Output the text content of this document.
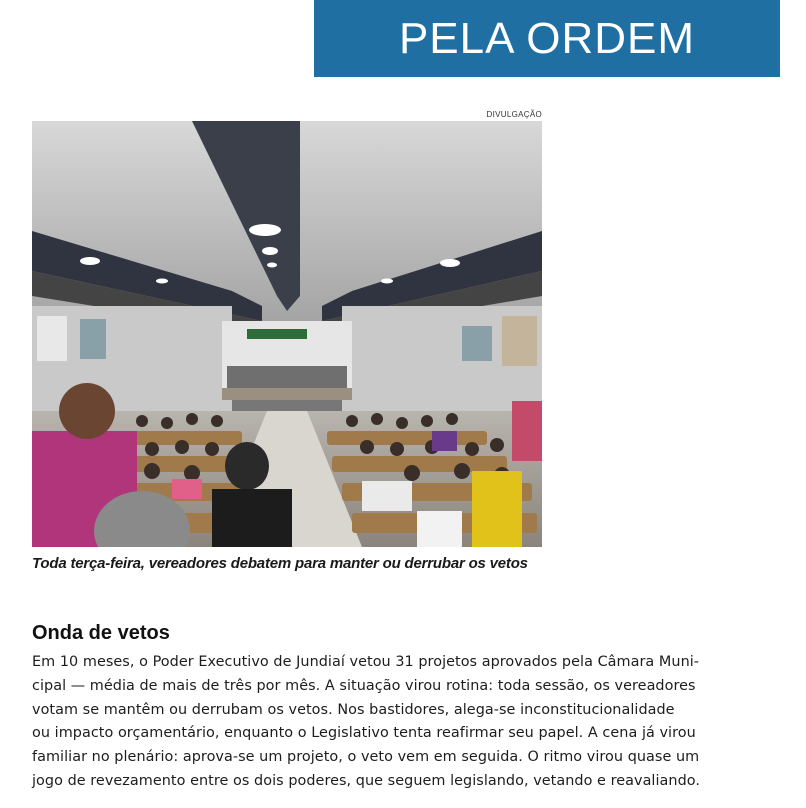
PELA ORDEM
DIVULGAÇÃO
Toda terça-feira, vereadores debatem para manter ou derrubar os vetos
Onda de vetos
Em 10 meses, o Poder Executivo de Jundiaí vetou 31 projetos aprovados pela Câmara Muni-
cipal — média de mais de três por mês. A situação virou rotina: toda sessão, os vereadores
votam se mantêm ou derrubam os vetos. Nos bastidores, alega-se inconstitucionalidade
ou impacto orçamentário, enquanto o Legislativo tenta reafirmar seu papel. A cena já virou
familiar no plenário: aprova-se um projeto, o veto vem em seguida. O ritmo virou quase um
jogo de revezamento entre os dois poderes, que seguem legislando, vetando e reavaliando.
